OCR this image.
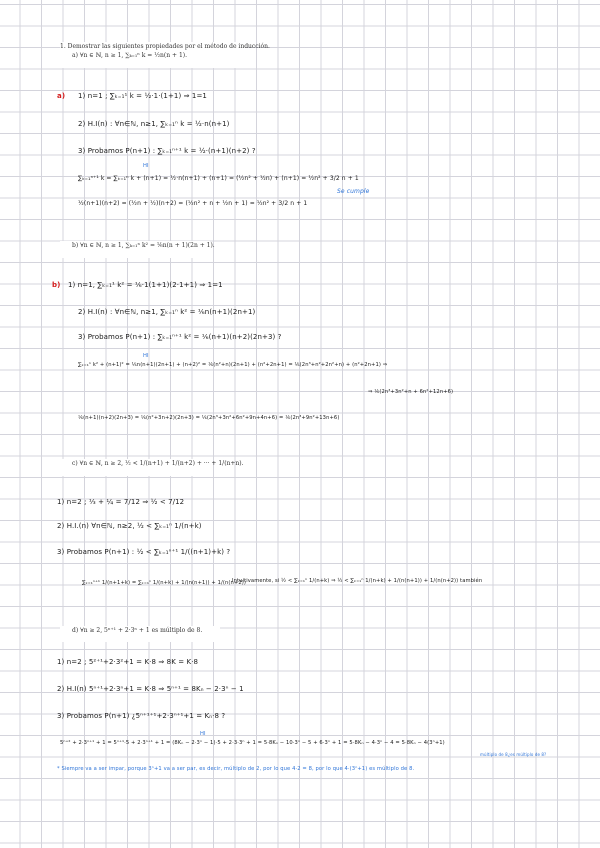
1. Demostrar las siguientes propiedades por el método de inducción.
a) ∀n ∈ ℕ, n ≥ 1, ∑ₖ₌₁ⁿ k = ½n(n + 1).
a) 1) n=1 ; ∑ₖ₌₁¹ k = ½·1·(1+1) ⇒ 1=1
2) H.I(n) : ∀n∈ℕ, n≥1, ∑ₖ₌₁ⁿ k = ½·n(n+1)
3) Probamos P(n+1) : ∑ₖ₌₁ⁿ⁺¹ k = ½·(n+1)(n+2) ?
HI
∑ₖ₌₁ⁿ⁺¹ k = ∑ₖ₌₁ⁿ k + (n+1) = ½·n(n+1) + (n+1) = (½n² + ½n) + (n+1) = ½n² + 3/2 n + 1
½(n+1)(n+2) = (½n + ½)(n+2) = (½n² + n + ½n + 1) = ½n² + 3/2 n + 1
Se cumple
b) ∀n ∈ ℕ, n ≥ 1, ∑ₖ₌₁ⁿ k² = ⅙n(n + 1)(2n + 1).
b) 1) n=1, ∑ₖ₌₁¹ k² = ⅙·1(1+1)(2·1+1) ⇒ 1=1
2) H.I(n) : ∀n∈ℕ, n≥1, ∑ₖ₌₁ⁿ k² = ⅙n(n+1)(2n+1)
3) Probamos P(n+1) : ∑ₖ₌₁ⁿ⁺¹ k² = ⅙(n+1)(n+2)(2n+3) ?
HI
∑ₖ₌₁ⁿ k² + (n+1)² = ⅙n(n+1)(2n+1) + (n+2)² = ⅙(n²+n)(2n+1) + (n²+2n+1) = ⅙(2n³+n²+2n²+n) + (n²+2n+1) ⇒
⇒ ⅙(2n³+3n²+n + 6n²+12n+6)
⅙(n+1)(n+2)(2n+3) = ⅙(n²+3n+2)(2n+3) = ⅙(2n³+3n²+6n²+9n+4n+6) = ⅙(2n³+9n²+13n+6)
c) ∀n ∈ ℕ, n ≥ 2, ½ < 1/(n+1) + 1/(n+2) + ··· + 1/(n+n).
1) n=2 ; ⅓ + ¼ = 7/12 ⇒ ½ < 7/12
2) H.I.(n) ∀n∈ℕ, n≥2, ½ < ∑ₖ₌₁ⁿ 1/(n+k)
3) Probamos P(n+1) : ½ < ∑ₖ₌₁ⁿ⁺¹ 1/((n+1)+k) ?
∑ₖ₌₁ⁿ⁺¹ 1/(n+1+k) = ∑ₖ₌₁ⁿ 1/(n+k) + 1/(n(n+1)) + 1/(n(n+2))
Intuitivamente, si ½ < ∑ₖ₌₁ⁿ 1/(n+k) ⇒ ½ < ∑ₖ₌₁ⁿ 1/(n+k) + 1/(n(n+1)) + 1/(n(n+2)) también
d) ∀n ≥ 2, 5ⁿ⁺¹ + 2·3ⁿ + 1 es múltiplo de 8.
1) n=2 ; 5²⁺¹+2·3²+1 = K·8 ⇒ 8K = K·8
2) H.I(n) 5ⁿ⁺¹+2·3ⁿ+1 = K·8 ⇒ 5ⁿ⁺¹ = 8Kₙ − 2·3ⁿ − 1
3) Probamos P(n+1) ¿5ⁿ⁺¹⁺¹+2·3ⁿ⁺¹+1 = Kₙ·8 ?
HI
5ⁿ⁺² + 2·3ⁿ⁺¹ + 1 = 5ⁿ⁺¹·5 + 2·3ⁿ⁺¹ + 1 = (8Kₙ − 2·3ⁿ − 1)·5 + 2·3·3ⁿ + 1 = 5·8Kₙ − 10·3ⁿ − 5 + 6·3ⁿ + 1 = 5·8Kₙ − 4·3ⁿ − 4 = 5·8Kₙ − 4(3ⁿ+1)
múltiplo de 8 ¿es múltiplo de 8?
* Siempre va a ser impar, porque 3ⁿ+1 va a ser par, es decir, múltiplo de 2, por lo que 4·2 = 8, por lo que 4·(3ⁿ+1) es múltiplo de 8.
